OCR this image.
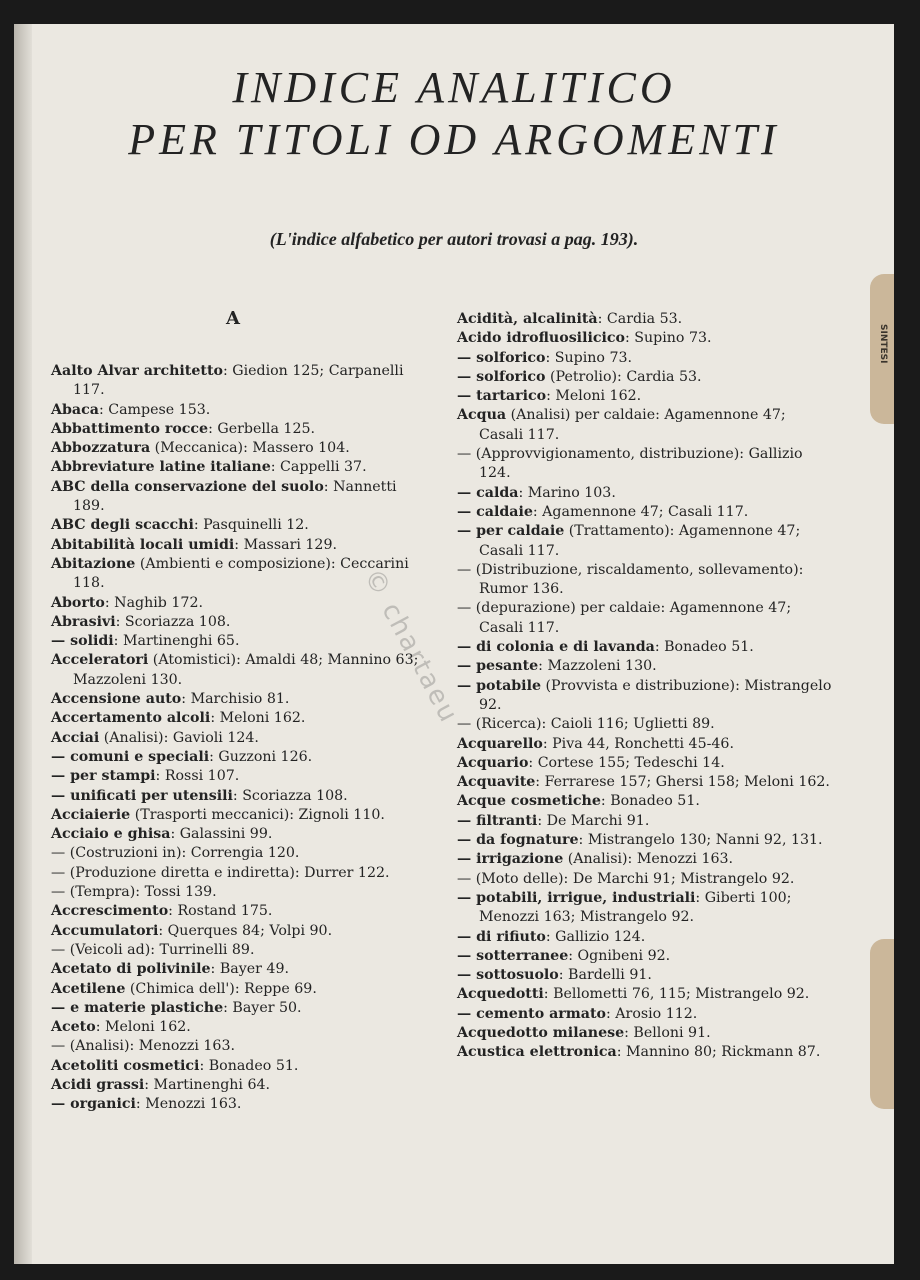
SINTESI
INDICE ANALITICO
PER TITOLI OD ARGOMENTI
(L'indice alfabetico per autori trovasi a pag. 193).
A
Aalto Alvar architetto: Giedion 125; Carpanelli 117.
Abaca: Campese 153.
Abbattimento rocce: Gerbella 125.
Abbozzatura (Meccanica): Massero 104.
Abbreviature latine italiane: Cappelli 37.
ABC della conservazione del suolo: Nannetti 189.
ABC degli scacchi: Pasquinelli 12.
Abitabilità locali umidi: Massari 129.
Abitazione (Ambienti e composizione): Ceccarini 118.
Aborto: Naghib 172.
Abrasivi: Scoriazza 108.
— solidi: Martinenghi 65.
Acceleratori (Atomistici): Amaldi 48; Mannino 63; Mazzoleni 130.
Accensione auto: Marchisio 81.
Accertamento alcoli: Meloni 162.
Acciai (Analisi): Gavioli 124.
— comuni e speciali: Guzzoni 126.
— per stampi: Rossi 107.
— unificati per utensili: Scoriazza 108.
Acciaierie (Trasporti meccanici): Zignoli 110.
Acciaio e ghisa: Galassini 99.
— (Costruzioni in): Correngia 120.
— (Produzione diretta e indiretta): Durrer 122.
— (Tempra): Tossi 139.
Accrescimento: Rostand 175.
Accumulatori: Querques 84; Volpi 90.
— (Veicoli ad): Turrinelli 89.
Acetato di polivinile: Bayer 49.
Acetilene (Chimica dell'): Reppe 69.
— e materie plastiche: Bayer 50.
Aceto: Meloni 162.
— (Analisi): Menozzi 163.
Acetoliti cosmetici: Bonadeo 51.
Acidi grassi: Martinenghi 64.
— organici: Menozzi 163.
Acidità, alcalinità: Cardia 53.
Acido idrofluosilicico: Supino 73.
— solforico: Supino 73.
— solforico (Petrolio): Cardia 53.
— tartarico: Meloni 162.
Acqua (Analisi) per caldaie: Agamennone 47; Casali 117.
— (Approvvigionamento, distribuzione): Gallizio 124.
— calda: Marino 103.
— caldaie: Agamennone 47; Casali 117.
— per caldaie (Trattamento): Agamennone 47; Casali 117.
— (Distribuzione, riscaldamento, sollevamento): Rumor 136.
— (depurazione) per caldaie: Agamennone 47; Casali 117.
— di colonia e di lavanda: Bonadeo 51.
— pesante: Mazzoleni 130.
— potabile (Provvista e distribuzione): Mistrangelo 92.
— (Ricerca): Caioli 116; Uglietti 89.
Acquarello: Piva 44, Ronchetti 45-46.
Acquario: Cortese 155; Tedeschi 14.
Acquavite: Ferrarese 157; Ghersi 158; Meloni 162.
Acque cosmetiche: Bonadeo 51.
— filtranti: De Marchi 91.
— da fognature: Mistrangelo 130; Nanni 92, 131.
— irrigazione (Analisi): Menozzi 163.
— (Moto delle): De Marchi 91; Mistrangelo 92.
— potabili, irrigue, industriali: Giberti 100; Menozzi 163; Mistrangelo 92.
— di rifiuto: Gallizio 124.
— sotterranee: Ognibeni 92.
— sottosuolo: Bardelli 91.
Acquedotti: Bellometti 76, 115; Mistrangelo 92.
— cemento armato: Arosio 112.
Acquedotto milanese: Belloni 91.
Acustica elettronica: Mannino 80; Rickmann 87.
© chartaeu
